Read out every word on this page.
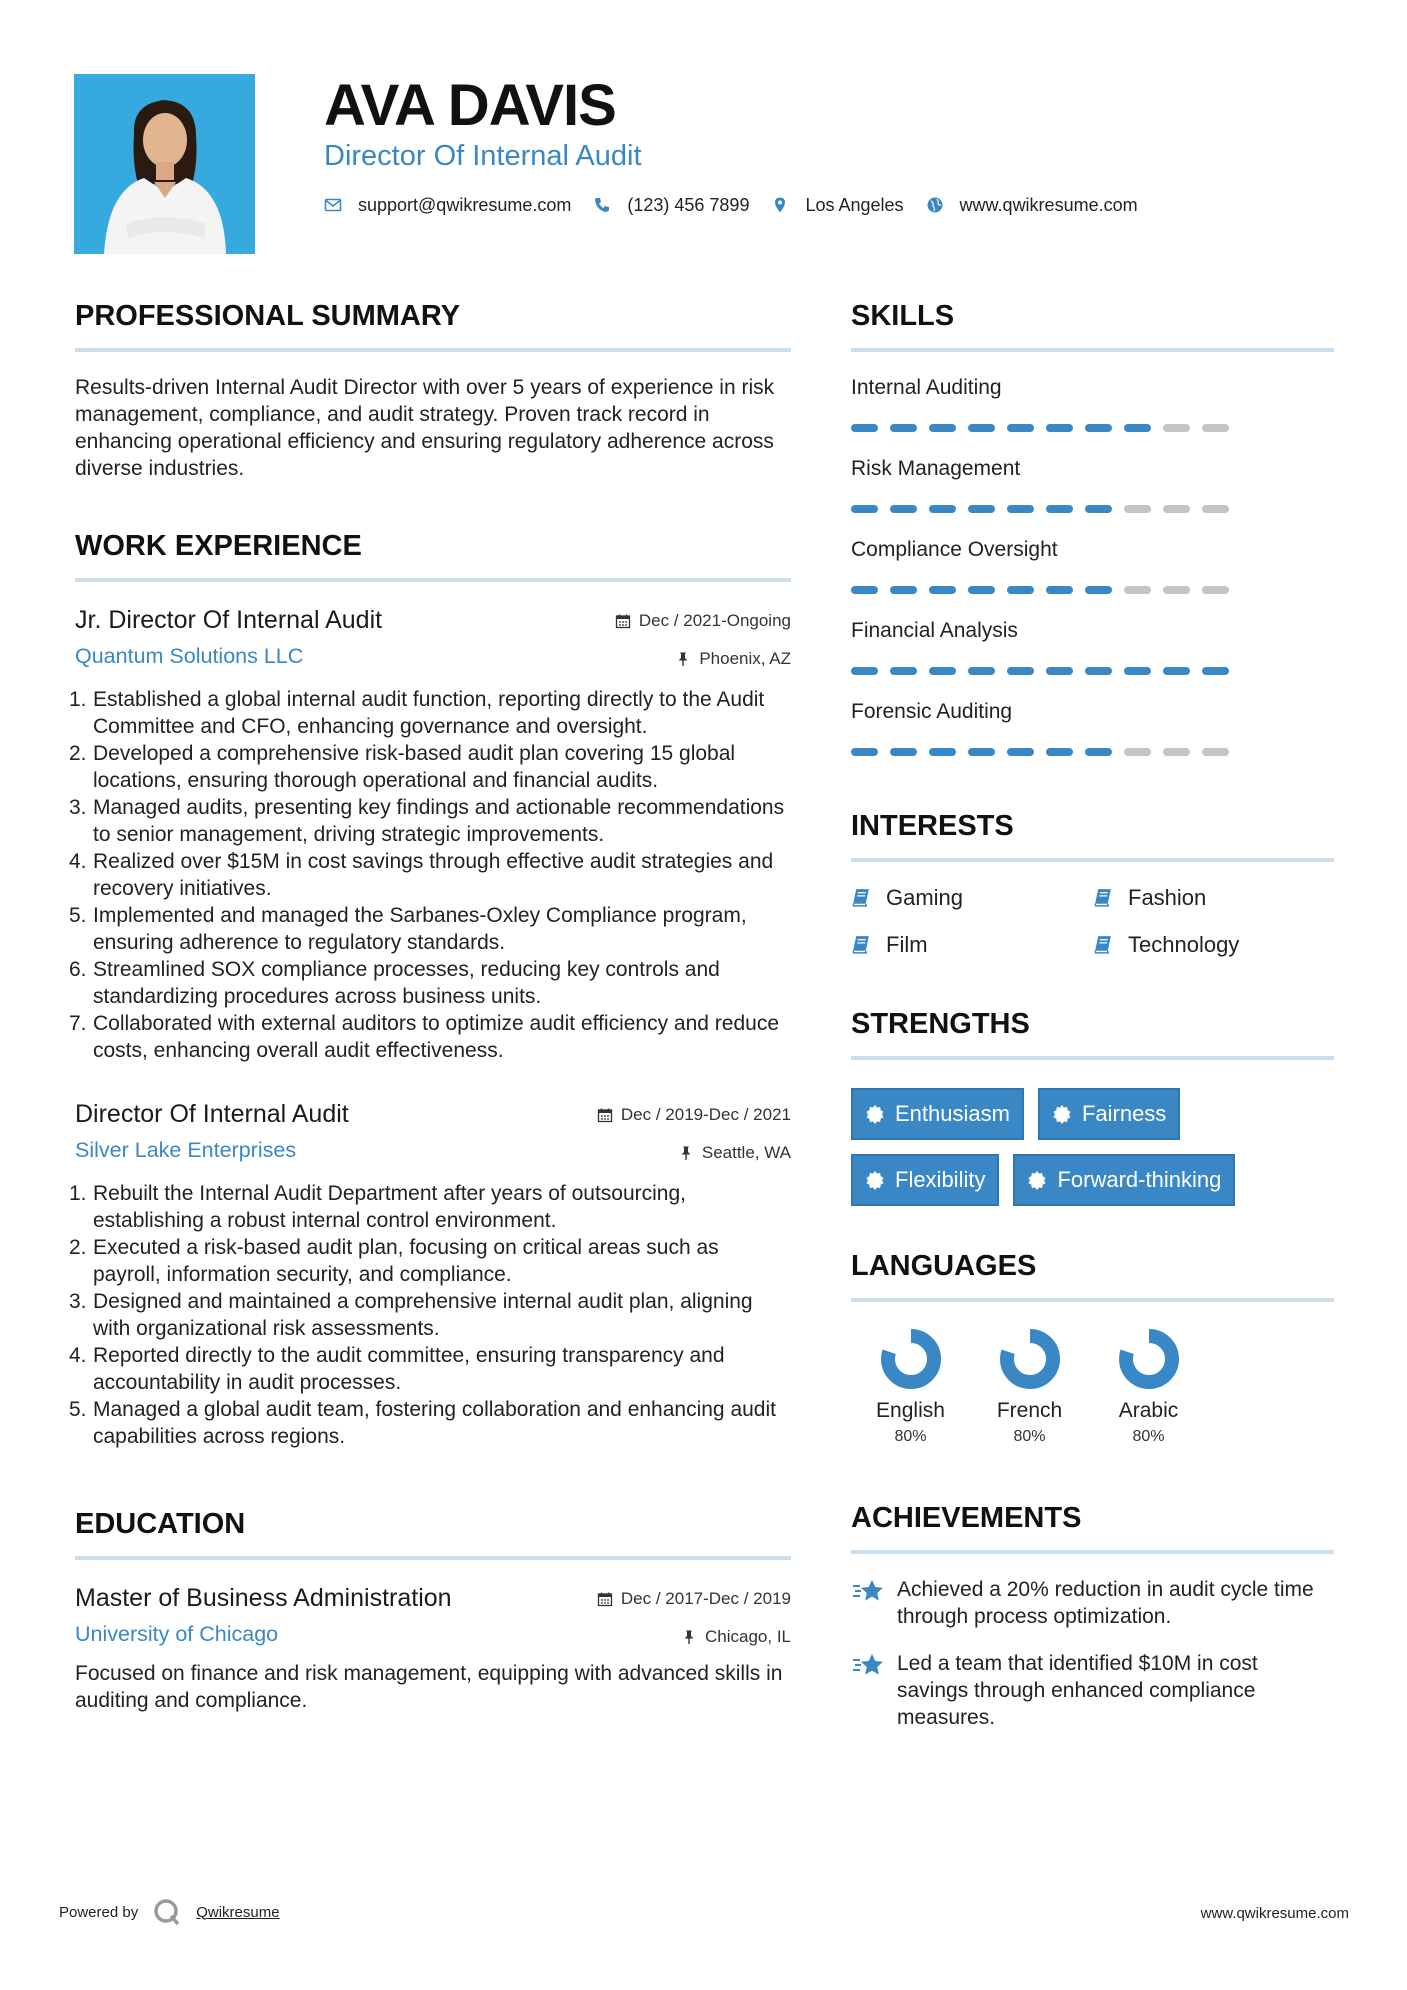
AVA DAVIS
Director Of Internal Audit
support@qwikresume.com	(123) 456 7899	Los Angeles	www.qwikresume.com
PROFESSIONAL SUMMARY

Results-driven Internal Audit Director with over 5 years of experience in risk management, compliance, and audit strategy. Proven track record in enhancing operational efficiency and ensuring regulatory adherence across diverse industries.

WORK EXPERIENCE
Jr. Director Of Internal Audit
Quantum Solutions LLC
Dec / 2021-Ongoing
Phoenix, AZ
1. Established a global internal audit function, reporting directly to the Audit Committee and CFO, enhancing governance and oversight.
2. Developed a comprehensive risk-based audit plan covering 15 global locations, ensuring thorough operational and financial audits.
3. Managed audits, presenting key findings and actionable recommendations to senior management, driving strategic improvements.
4. Realized over $15M in cost savings through effective audit strategies and recovery initiatives.
5. Implemented and managed the Sarbanes-Oxley Compliance program, ensuring adherence to regulatory standards.
6. Streamlined SOX compliance processes, reducing key controls and standardizing procedures across business units.
7. Collaborated with external auditors to optimize audit efficiency and reduce costs, enhancing overall audit effectiveness.
Director Of Internal Audit
Silver Lake Enterprises
Dec / 2019-Dec / 2021
Seattle, WA
1. Rebuilt the Internal Audit Department after years of outsourcing, establishing a robust internal control environment.
2. Executed a risk-based audit plan, focusing on critical areas such as payroll, information security, and compliance.
3. Designed and maintained a comprehensive internal audit plan, aligning with organizational risk assessments.
4. Reported directly to the audit committee, ensuring transparency and accountability in audit processes.
5. Managed a global audit team, fostering collaboration and enhancing audit capabilities across regions.
EDUCATION
Master of Business Administration
University of Chicago
Dec / 2017-Dec / 2019
Chicago, IL

Focused on finance and risk management, equipping with advanced skills in auditing and compliance.

SKILLS
Internal Auditing
Risk Management
Compliance Oversight
Financial Analysis
Forensic Auditing
INTERESTS
Gaming	Fashion
Film	Technology
STRENGTHS
Enthusiasm	Fairness
Flexibility	Forward-thinking
LANGUAGES
English
80%
French
80%
Arabic
80%
ACHIEVEMENTS
Achieved a 20% reduction in audit cycle time through process optimization.
Led a team that identified $10M in cost savings through enhanced compliance measures.
Powered by	Qwikresume	www.qwikresume.com
